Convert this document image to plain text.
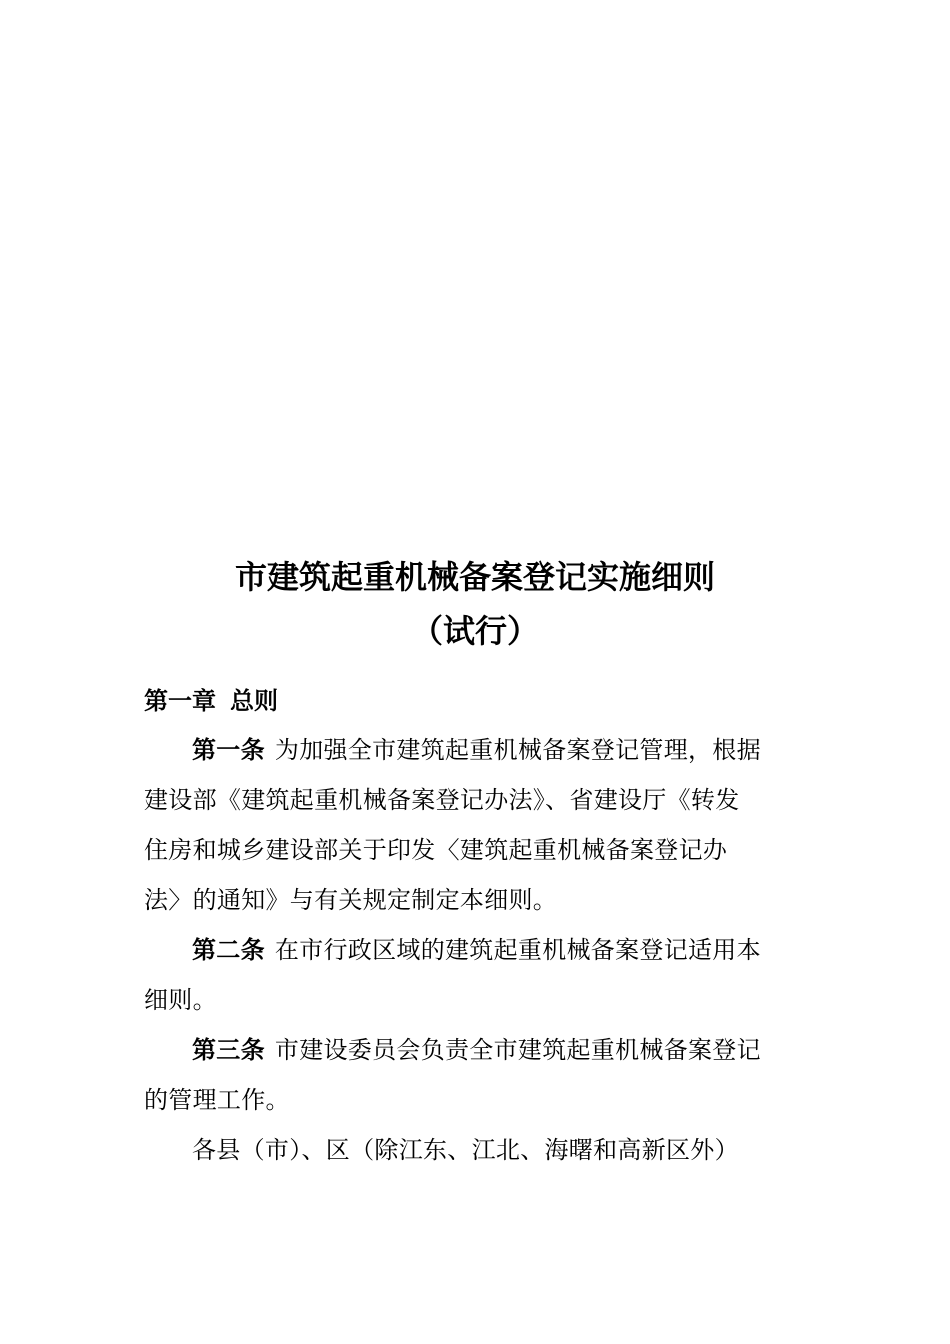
市建筑起重机械备案登记实施细则
（试行）
第一章 总则
第一条 为加强全市建筑起重机械备案登记管理，根据
建设部《建筑起重机械备案登记办法》、省建设厅《转发
住房和城乡建设部关于印发〈建筑起重机械备案登记办
法〉的通知》与有关规定制定本细则。
第二条 在市行政区域的建筑起重机械备案登记适用本
细则。
第三条 市建设委员会负责全市建筑起重机械备案登记
的管理工作。
各县（市）、区（除江东、江北、海曙和高新区外）
